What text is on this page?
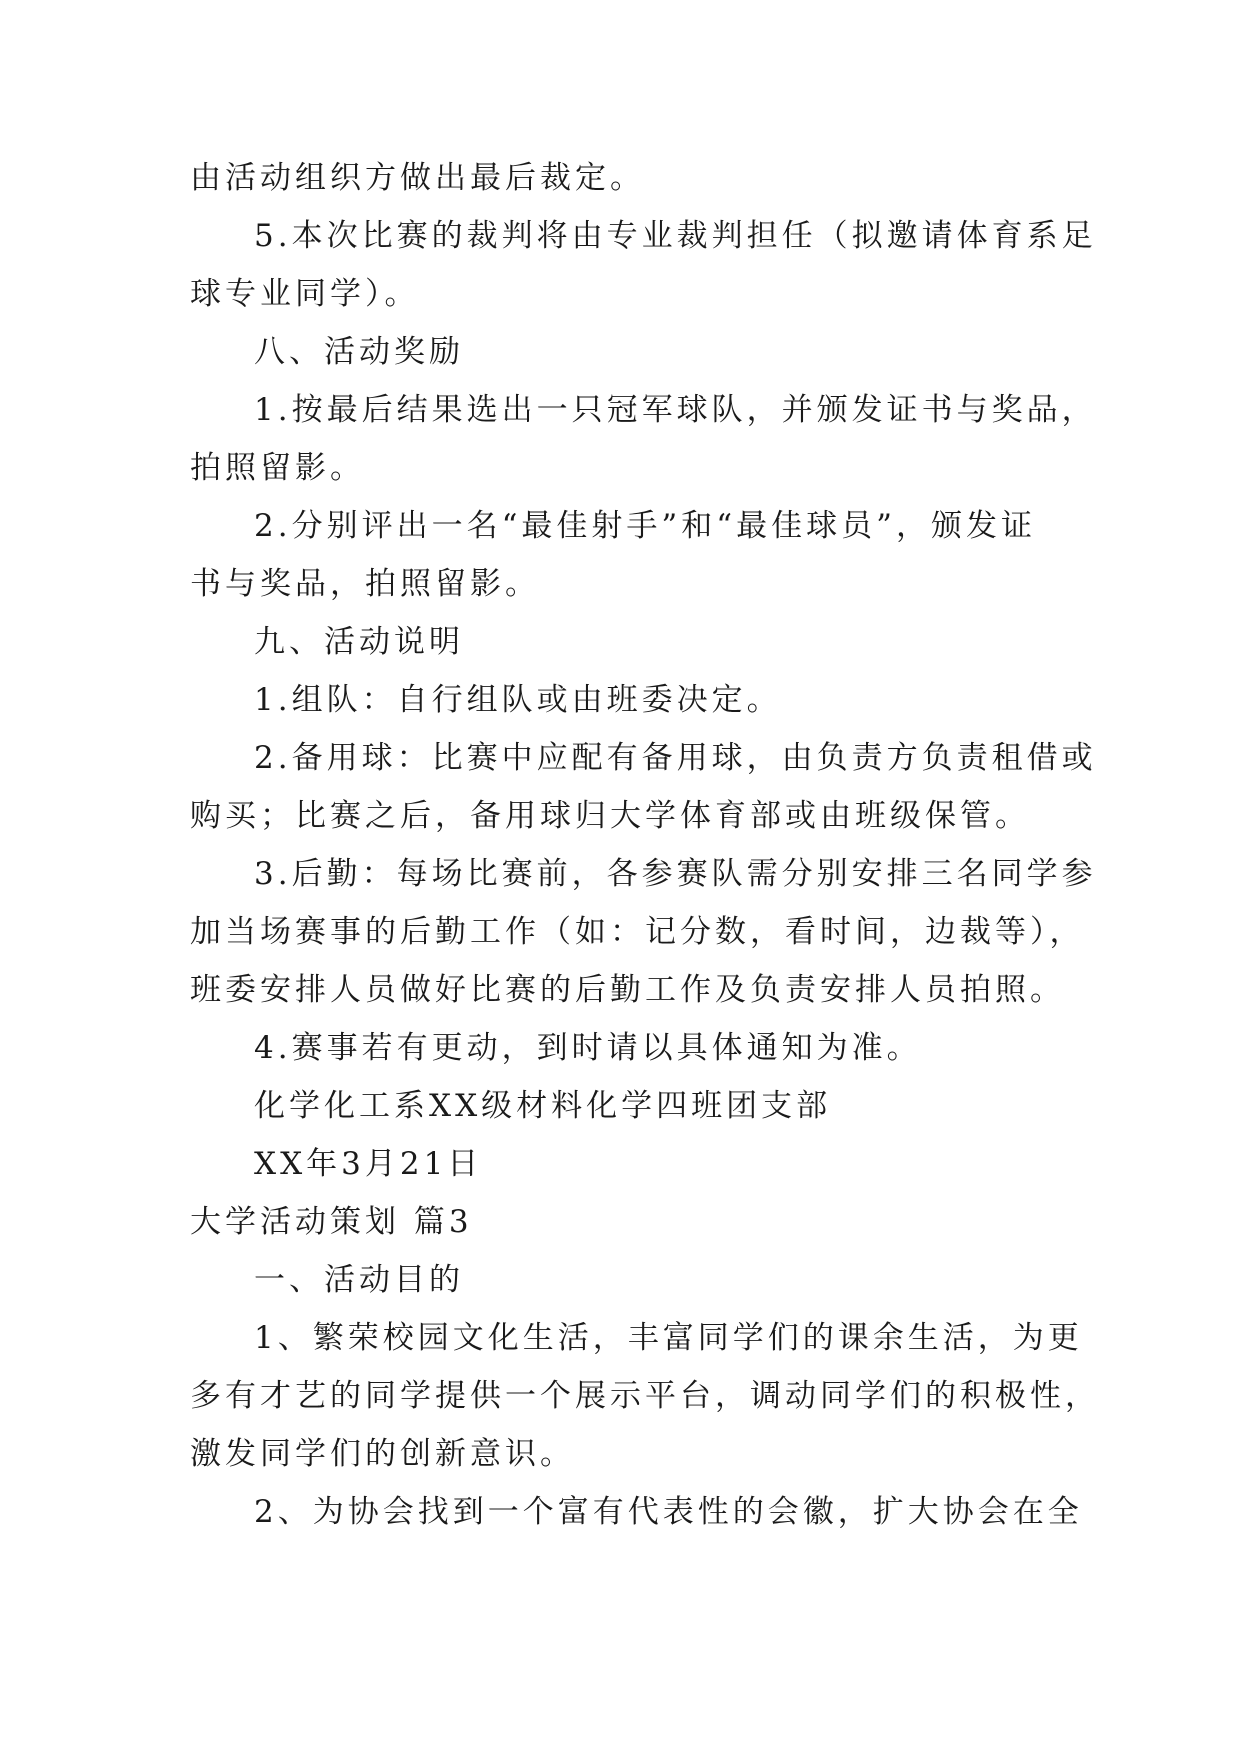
由活动组织方做出最后裁定。
5.本次比赛的裁判将由专业裁判担任（拟邀请体育系足
球专业同学）。
八、活动奖励
1.按最后结果选出一只冠军球队，并颁发证书与奖品，
拍照留影。
2.分别评出一名“最佳射手”和“最佳球员”，颁发证
书与奖品，拍照留影。
九、活动说明
1.组队：自行组队或由班委决定。
2.备用球：比赛中应配有备用球，由负责方负责租借或
购买；比赛之后，备用球归大学体育部或由班级保管。
3.后勤：每场比赛前，各参赛队需分别安排三名同学参
加当场赛事的后勤工作（如：记分数，看时间，边裁等），
班委安排人员做好比赛的后勤工作及负责安排人员拍照。
4.赛事若有更动，到时请以具体通知为准。
化学化工系XX级材料化学四班团支部
XX年3月21日
大学活动策划 篇3
一、活动目的
1、繁荣校园文化生活，丰富同学们的课余生活，为更
多有才艺的同学提供一个展示平台，调动同学们的积极性，
激发同学们的创新意识。
2、为协会找到一个富有代表性的会徽，扩大协会在全
